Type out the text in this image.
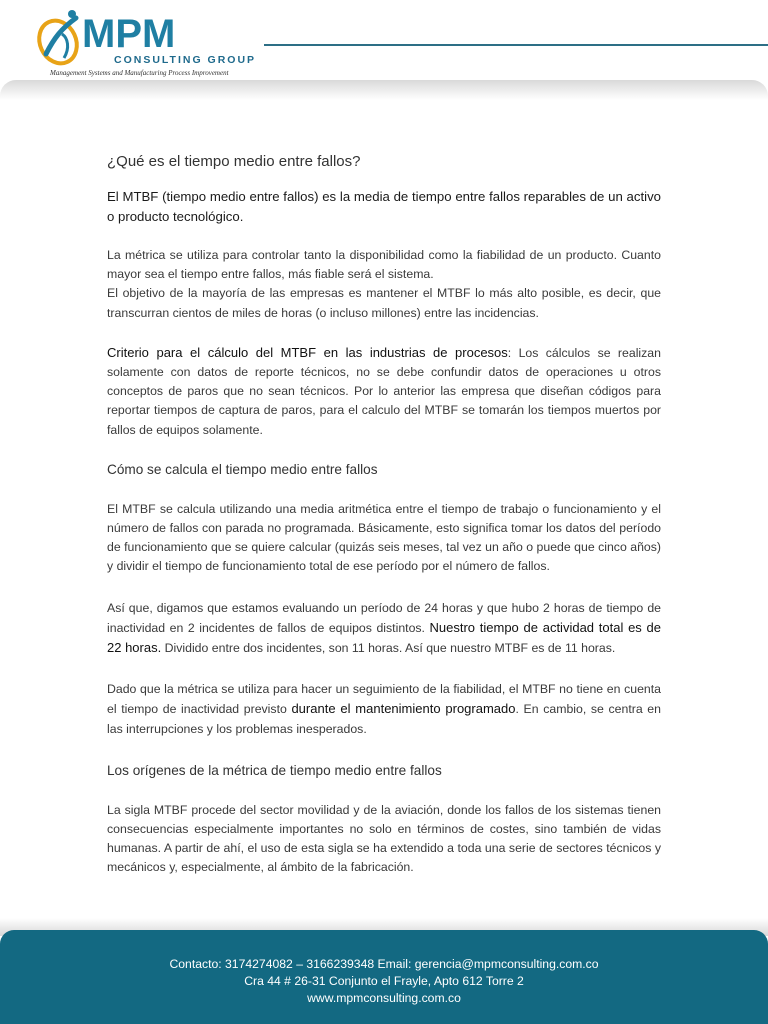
MPM
CONSULTING GROUP
Management Systems and Manufacturing Process Improvement

¿Qué es el tiempo medio entre fallos?

El MTBF (tiempo medio entre fallos) es la media de tiempo entre fallos reparables de un activo o producto tecnológico.

La métrica se utiliza para controlar tanto la disponibilidad como la fiabilidad de un producto. Cuanto mayor sea el tiempo entre fallos, más fiable será el sistema.

El objetivo de la mayoría de las empresas es mantener el MTBF lo más alto posible, es decir, que transcurran cientos de miles de horas (o incluso millones) entre las incidencias.

Criterio para el cálculo del MTBF en las industrias de procesos: Los cálculos se realizan solamente con datos de reporte técnicos, no se debe confundir datos de operaciones u otros conceptos de paros que no sean técnicos. Por lo anterior las empresa que diseñan códigos para reportar tiempos de captura de paros, para el calculo del MTBF se tomarán los tiempos muertos por fallos de equipos solamente.

Cómo se calcula el tiempo medio entre fallos

El MTBF se calcula utilizando una media aritmética entre el tiempo de trabajo o funcionamiento y el número de fallos con parada no programada. Básicamente, esto significa tomar los datos del período de funcionamiento que se quiere calcular (quizás seis meses, tal vez un año o puede que cinco años) y dividir el tiempo de funcionamiento total de ese período por el número de fallos.

Así que, digamos que estamos evaluando un período de 24 horas y que hubo 2 horas de tiempo de inactividad en 2 incidentes de fallos de equipos distintos. Nuestro tiempo de actividad total es de 22 horas. Dividido entre dos incidentes, son 11 horas. Así que nuestro MTBF es de 11 horas.

Dado que la métrica se utiliza para hacer un seguimiento de la fiabilidad, el MTBF no tiene en cuenta el tiempo de inactividad previsto durante el mantenimiento programado. En cambio, se centra en las interrupciones y los problemas inesperados.

Los orígenes de la métrica de tiempo medio entre fallos

La sigla MTBF procede del sector movilidad y de la aviación, donde los fallos de los sistemas tienen consecuencias especialmente importantes no solo en términos de costes, sino también de vidas humanas. A partir de ahí, el uso de esta sigla se ha extendido a toda una serie de sectores técnicos y mecánicos y, especialmente, al ámbito de la fabricación.

Contacto: 3174274082 – 3166239348 Email: gerencia@mpmconsulting.com.co
Cra 44 # 26-31 Conjunto el Frayle, Apto 612 Torre 2
www.mpmconsulting.com.co
